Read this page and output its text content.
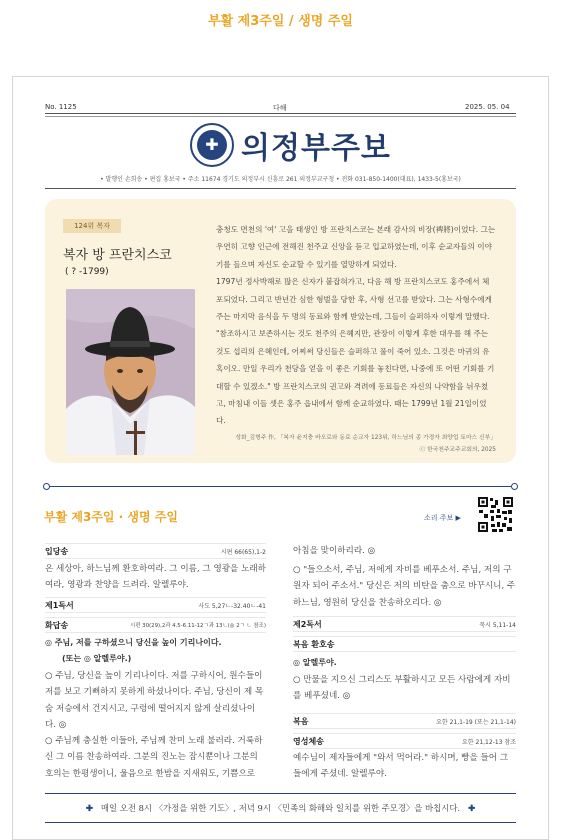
부활 제3주일 / 생명 주일
No. 1125	다해	2025. 05. 04
✚ 의정부주보
• 발행인 손희송 • 편집 홍보국 • 주소 11674 경기도 의정부시 신흥로 261 의정부교구청 • 전화 031-850-1400(대표), 1433-5(홍보국)
124위 복자
복자 방 프란치스코
( ? -1799)

충청도 면천의 '여' 고을 태생인 방 프란치스코는 본래 감사의 비장(裨將)이었다. 그는 우연히 고향 인근에 전해진 천주교 신앙을 듣고 입교하였는데, 이후 순교자들의 이야기를 들으며 자신도 순교할 수 있기를 열망하게 되었다.

1797년 정사박해로 많은 신자가 붙잡혀가고, 다음 해 방 프란치스코도 홍주에서 체포되었다. 그리고 반년간 심한 형벌을 당한 후, 사형 선고를 받았다. 그는 사형수에게 주는 마지막 음식을 두 명의 동료와 함께 받았는데, 그들이 슬퍼하자 이렇게 말했다. "참조하시고 보존하시는 것도 천주의 은혜지만, 관장이 이렇게 후한 대우를 해 주는 것도 섭리의 은혜인데, 어찌써 당신들은 슬퍼하고 풀이 죽어 있소. 그것은 마귀의 유혹이오. 만일 우리가 천당을 얻을 이 좋은 기회를 놓친다면, 나중에 또 어떤 기회를 기대할 수 있겠소." 방 프란치스코의 권고와 격려에 동료들은 자신의 나약함을 뉘우쳤고, 마침내 이들 셋은 홍주 읍내에서 함께 순교하였다. 때는 1799년 1월 21일이었다.

성화_김형주 作, 「복자 윤지충 바오로와 동료 순교자 123위, 하느님의 종 가경자 최양업 토마스 신부」
ⓒ 한국천주교주교회의, 2025
부활 제3주일 · 생명 주일	소리 주보 ▶
입당송	시편 66(65),1-2
온 세상아, 하느님께 환호하여라. 그 이름, 그 영광을 노래하여라, 영광과 찬양을 드려라. 알렐루야.
제1독서	사도 5,27ㄴ-32.40ㄴ-41
화답송	시편 30(29),2과 4.5-6.11-12ㄱ과 13ㄴ(◎ 2ㄱ ㄴ 참조)
◎ 주님, 저를 구하셨으니 당신을 높이 기리나이다.
(또는 ◎ 알렐루야.)
○ 주님, 당신을 높이 기리나이다. 저를 구하시어, 원수들이 저를 보고 기뻐하지 못하게 하셨나이다. 주님, 당신이 제 목숨 저승에서 건지시고, 구렁에 떨어지지 않게 살리셨나이다. ◎
○ 주님께 충실한 이들아, 주님께 찬미 노래 불러라. 거룩하신 그 이름 찬송하여라. 그분의 진노는 잠시뿐이나 그분의 호의는 한평생이니, 울음으로 한밤을 지새워도, 기쁨으로
아침을 맞이하리라. ◎
○ "들으소서, 주님, 저에게 자비를 베푸소서. 주님, 저의 구원자 되어 주소서." 당신은 저의 비탄을 춤으로 바꾸시니, 주 하느님, 영원히 당신을 찬송하오리다. ◎
제2독서	묵시 5,11-14
복음 환호송
◎ 알렐루야.
○ 만물을 지으신 그리스도 부활하시고 모든 사람에게 자비를 베푸셨네. ◎
복음	요한 21,1-19 (또는 21,1-14)
영성체송	요한 21,12-13 참조
예수님이 제자들에게 "와서 먹어라." 하시며, 빵을 들어 그들에게 주셨네. 알렐루야.
✚ 매일 오전 8시 〈가정을 위한 기도〉, 저녁 9시 〈민족의 화해와 일치를 위한 주모경〉을 바칩시다. ✚
